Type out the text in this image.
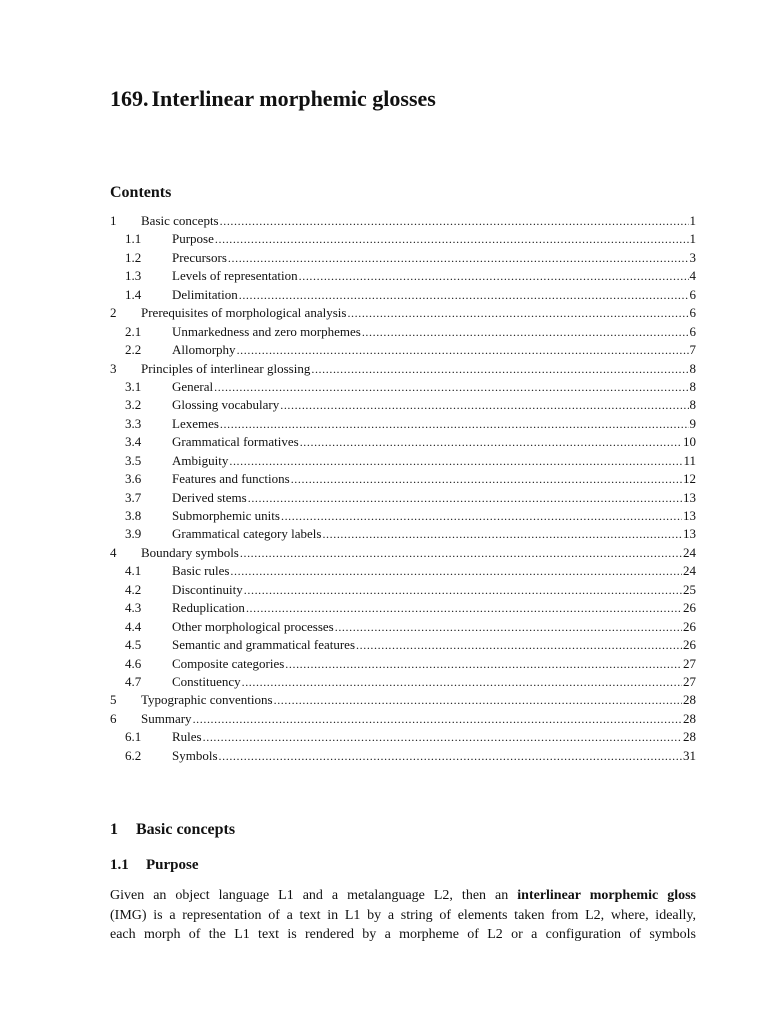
169. Interlinear morphemic glosses
Contents
1 Basic concepts .....	1
1.1 Purpose .....	1
1.2 Precursors .....	3
1.3 Levels of representation .....	4
1.4 Delimitation .....	6
2 Prerequisites of morphological analysis .....	6
2.1 Unmarkedness and zero morphemes .....	6
2.2 Allomorphy .....	7
3 Principles of interlinear glossing .....	8
3.1 General .....	8
3.2 Glossing vocabulary .....	8
3.3 Lexemes .....	9
3.4 Grammatical formatives .....	10
3.5 Ambiguity .....	11
3.6 Features and functions .....	12
3.7 Derived stems .....	13
3.8 Submorphemic units .....	13
3.9 Grammatical category labels .....	13
4 Boundary symbols .....	24
4.1 Basic rules .....	24
4.2 Discontinuity .....	25
4.3 Reduplication .....	26
4.4 Other morphological processes .....	26
4.5 Semantic and grammatical features .....	26
4.6 Composite categories .....	27
4.7 Constituency .....	27
5 Typographic conventions .....	28
6 Summary .....	28
6.1 Rules .....	28
6.2 Symbols .....	31
1 Basic concepts
1.1 Purpose
Given an object language L1 and a metalanguage L2, then an interlinear morphemic gloss
(IMG) is a representation of a text in L1 by a string of elements taken from L2, where, ideally,
each morph of the L1 text is rendered by a morpheme of L2 or a configuration of symbols
